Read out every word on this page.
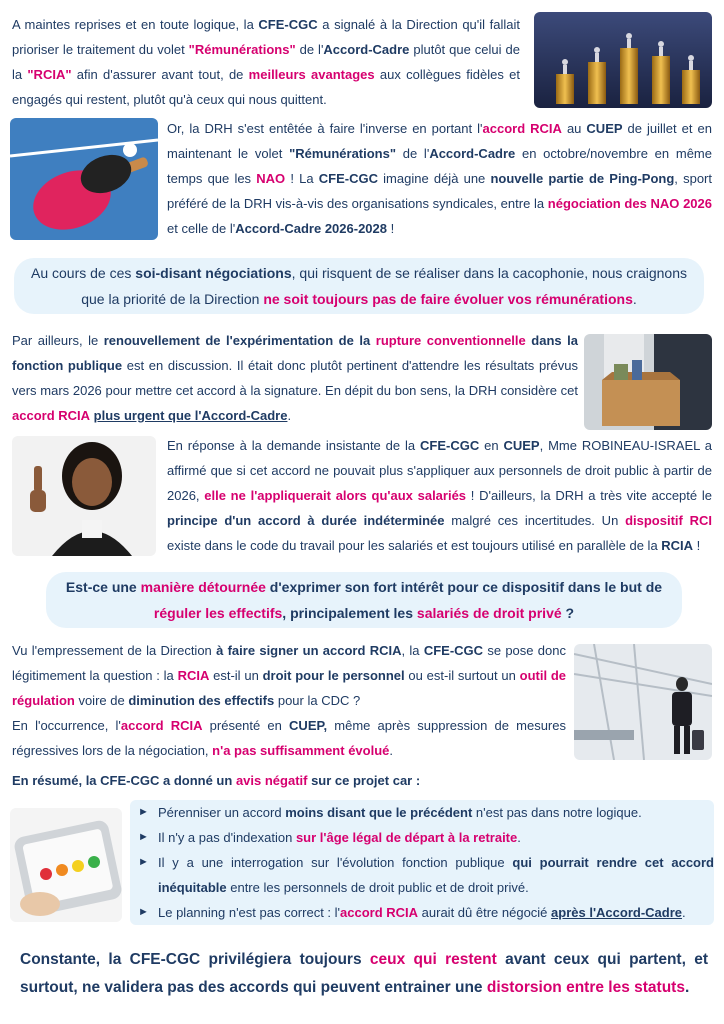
A maintes reprises et en toute logique, la CFE-CGC a signalé à la Direction qu'il fallait prioriser le traitement du volet "Rémunérations" de l'Accord-Cadre plutôt que celui de la "RCIA" afin d'assurer avant tout, de meilleurs avantages aux collègues fidèles et engagés qui restent, plutôt qu'à ceux qui nous quittent.

Or, la DRH s'est entêtée à faire l'inverse en portant l'accord RCIA au CUEP de juillet et en maintenant le volet "Rémunérations" de l'Accord-Cadre en octobre/novembre en même temps que les NAO ! La CFE-CGC imagine déjà une nouvelle partie de Ping-Pong, sport préféré de la DRH vis-à-vis des organisations syndicales, entre la négociation des NAO 2026 et celle de l'Accord-Cadre 2026-2028 !

Au cours de ces soi-disant négociations, qui risquent de se réaliser dans la cacophonie, nous craignons que la priorité de la Direction ne soit toujours pas de faire évoluer vos rémunérations.

Par ailleurs, le renouvellement de l'expérimentation de la rupture conventionnelle dans la fonction publique est en discussion. Il était donc plutôt pertinent d'attendre les résultats prévus vers mars 2026 pour mettre cet accord à la signature. En dépit du bon sens, la DRH considère cet accord RCIA plus urgent que l'Accord-Cadre.

En réponse à la demande insistante de la CFE-CGC en CUEP, Mme ROBINEAU-ISRAEL a affirmé que si cet accord ne pouvait plus s'appliquer aux personnels de droit public à partir de 2026, elle ne l'appliquerait alors qu'aux salariés ! D'ailleurs, la DRH a très vite accepté le principe d'un accord à durée indéterminée malgré ces incertitudes. Un dispositif RCI existe dans le code du travail pour les salariés et est toujours utilisé en parallèle de la RCIA !

Est-ce une manière détournée d'exprimer son fort intérêt pour ce dispositif dans le but de réguler les effectifs, principalement les salariés de droit privé ?

Vu l'empressement de la Direction à faire signer un accord RCIA, la CFE-CGC se pose donc légitimement la question : la RCIA est-il un droit pour le personnel ou est-il surtout un outil de régulation voire de diminution des effectifs pour la CDC ?

En l'occurrence, l'accord RCIA présenté en CUEP, même après suppression de mesures régressives lors de la négociation, n'a pas suffisamment évolué.

En résumé, la CFE-CGC a donné un avis négatif sur ce projet car :

► Pérenniser un accord moins disant que le précédent n'est pas dans notre logique.
► Il n'y a pas d'indexation sur l'âge légal de départ à la retraite.
► Il y a une interrogation sur l'évolution fonction publique qui pourrait rendre cet accord inéquitable entre les personnels de droit public et de droit privé.
► Le planning n'est pas correct : l'accord RCIA aurait dû être négocié après l'Accord-Cadre.

Constante, la CFE-CGC privilégiera toujours ceux qui restent avant ceux qui partent, et surtout, ne validera pas des accords qui peuvent entrainer une distorsion entre les statuts.
